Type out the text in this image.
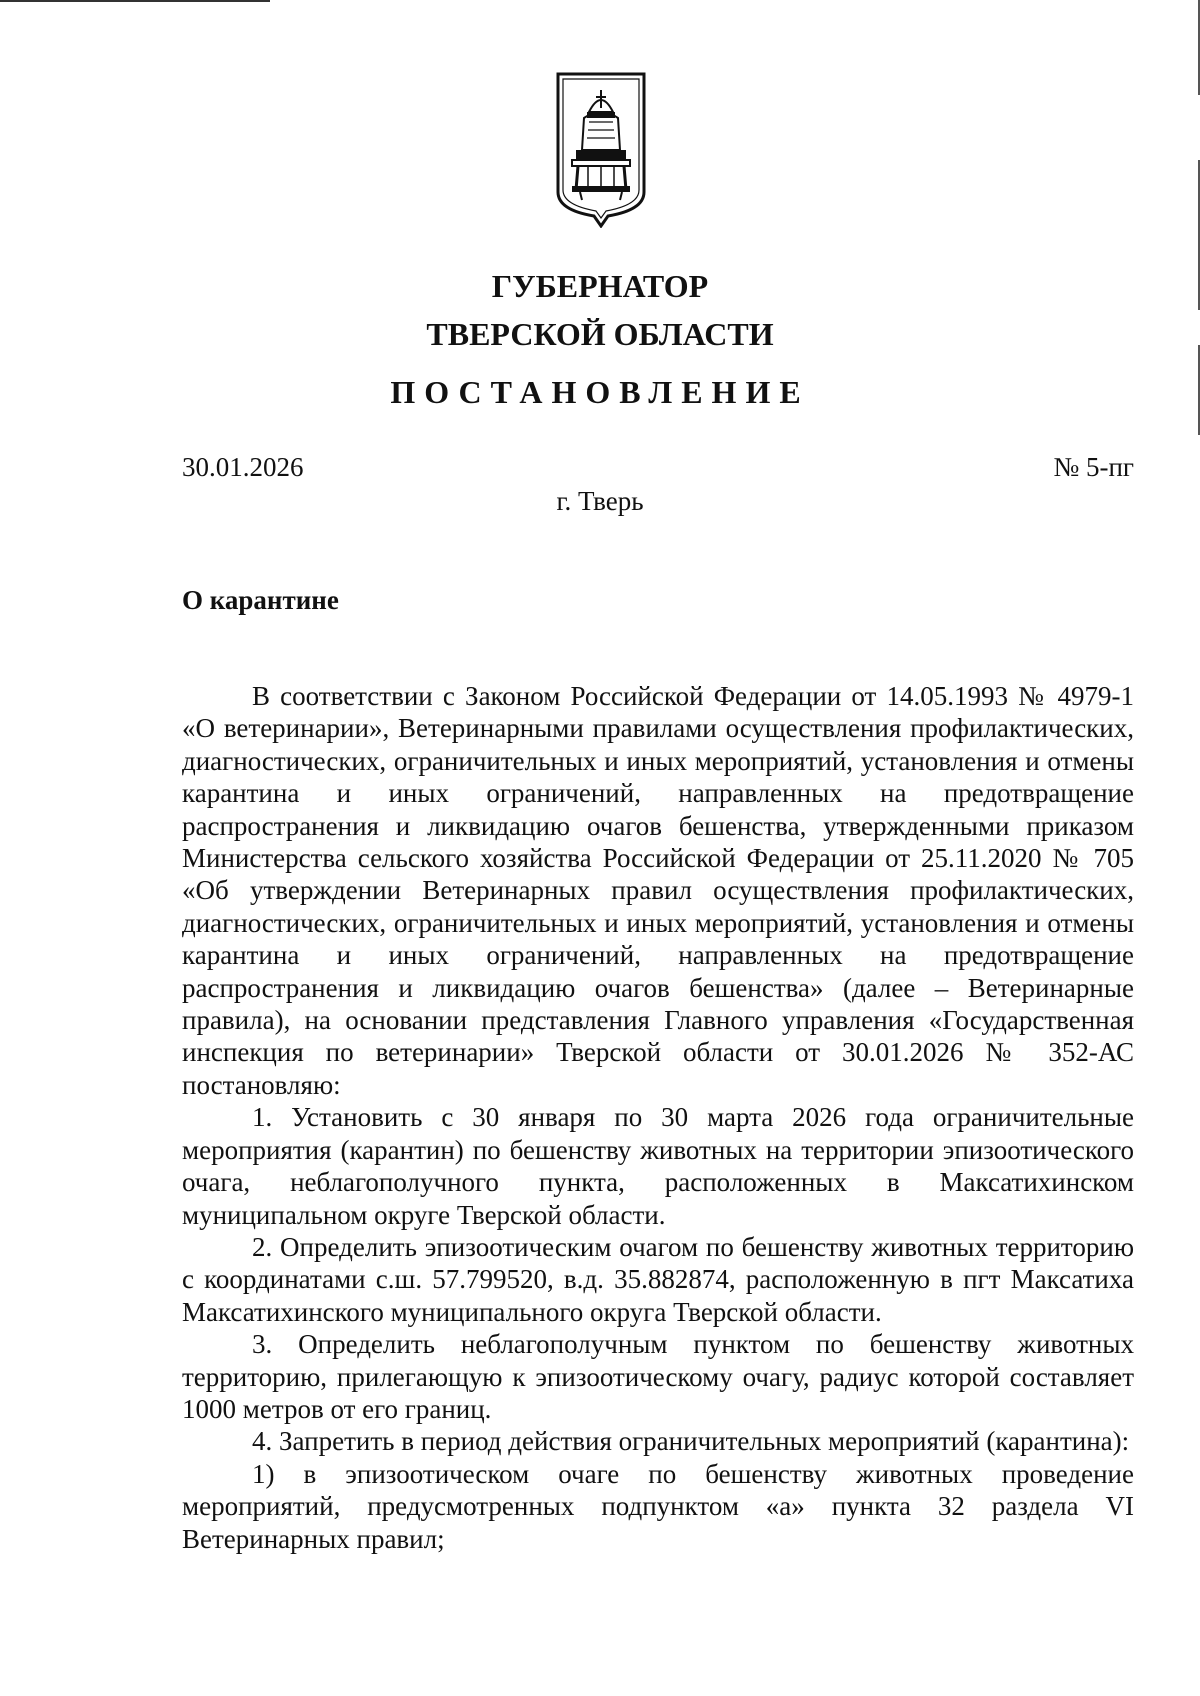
ГУБЕРНАТОР
ТВЕРСКОЙ ОБЛАСТИ
ПОСТАНОВЛЕНИЕ
30.01.2026	№ 5-пг
г. Тверь
О карантине

В соответствии с Законом Российской Федерации от 14.05.1993 № 4979-1 «О ветеринарии», Ветеринарными правилами осуществления профилактических, диагностических, ограничительных и иных мероприятий, установления и отмены карантина и иных ограничений, направленных на предотвращение распространения и ликвидацию очагов бешенства, утвержденными приказом Министерства сельского хозяйства Российской Федерации от 25.11.2020 № 705 «Об утверждении Ветеринарных правил осуществления профилактических, диагностических, ограничительных и иных мероприятий, установления и отмены карантина и иных ограничений, направленных на предотвращение распространения и ликвидацию очагов бешенства» (далее – Ветеринарные правила), на основании представления Главного управления «Государственная инспекция по ветеринарии» Тверской области от 30.01.2026 № 352-АС постановляю:

1. Установить с 30 января по 30 марта 2026 года ограничительные мероприятия (карантин) по бешенству животных на территории эпизоотического очага, неблагополучного пункта, расположенных в Максатихинском муниципальном округе Тверской области.

2. Определить эпизоотическим очагом по бешенству животных территорию с координатами с.ш. 57.799520, в.д. 35.882874, расположенную в пгт Максатиха Максатихинского муниципального округа Тверской области.

3. Определить неблагополучным пунктом по бешенству животных территорию, прилегающую к эпизоотическому очагу, радиус которой составляет 1000 метров от его границ.

4. Запретить в период действия ограничительных мероприятий (карантина):

1) в эпизоотическом очаге по бешенству животных проведение мероприятий, предусмотренных подпунктом «а» пункта 32 раздела VI Ветеринарных правил;
